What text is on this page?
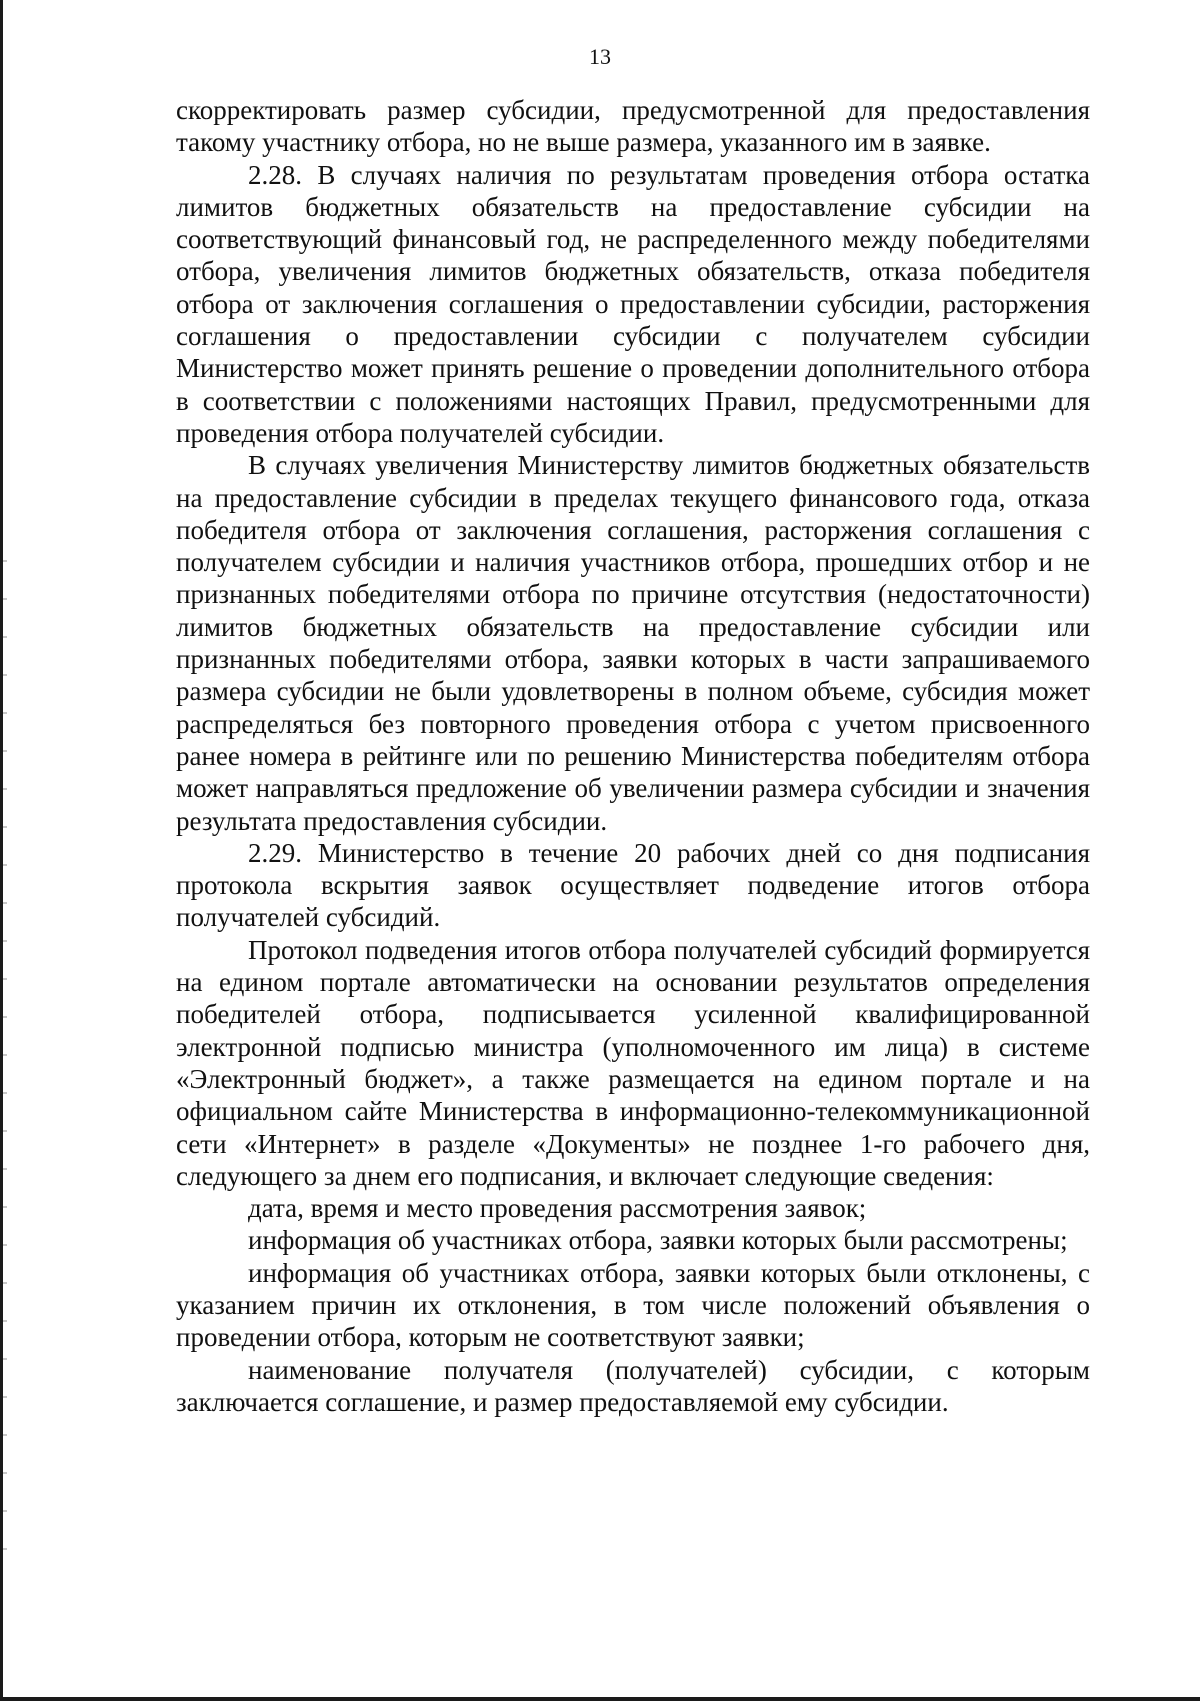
13

скорректировать размер субсидии, предусмотренной для предоставления такому участнику отбора, но не выше размера, указанного им в заявке.

2.28. В случаях наличия по результатам проведения отбора остатка лимитов бюджетных обязательств на предоставление субсидии на соответствующий финансовый год, не распределенного между победителями отбора, увеличения лимитов бюджетных обязательств, отказа победителя отбора от заключения соглашения о предоставлении субсидии, расторжения соглашения о предоставлении субсидии с получателем субсидии Министерство может принять решение о проведении дополнительного отбора в соответствии с положениями настоящих Правил, предусмотренными для проведения отбора получателей субсидии.

В случаях увеличения Министерству лимитов бюджетных обязательств на предоставление субсидии в пределах текущего финансового года, отказа победителя отбора от заключения соглашения, расторжения соглашения с получателем субсидии и наличия участников отбора, прошедших отбор и не признанных победителями отбора по причине отсутствия (недостаточности) лимитов бюджетных обязательств на предоставление субсидии или признанных победителями отбора, заявки которых в части запрашиваемого размера субсидии не были удовлетворены в полном объеме, субсидия может распределяться без повторного проведения отбора с учетом присвоенного ранее номера в рейтинге или по решению Министерства победителям отбора может направляться предложение об увеличении размера субсидии и значения результата предоставления субсидии.

2.29. Министерство в течение 20 рабочих дней со дня подписания протокола вскрытия заявок осуществляет подведение итогов отбора получателей субсидий.

Протокол подведения итогов отбора получателей субсидий формируется на едином портале автоматически на основании результатов определения победителей отбора, подписывается усиленной квалифицированной электронной подписью министра (уполномоченного им лица) в системе «Электронный бюджет», а также размещается на едином портале и на официальном сайте Министерства в информационно-телекоммуникационной сети «Интернет» в разделе «Документы» не позднее 1-го рабочего дня, следующего за днем его подписания, и включает следующие сведения:

дата, время и место проведения рассмотрения заявок;

информация об участниках отбора, заявки которых были рассмотрены;

информация об участниках отбора, заявки которых были отклонены, с указанием причин их отклонения, в том числе положений объявления о проведении отбора, которым не соответствуют заявки;

наименование получателя (получателей) субсидии, с которым заключается соглашение, и размер предоставляемой ему субсидии.
